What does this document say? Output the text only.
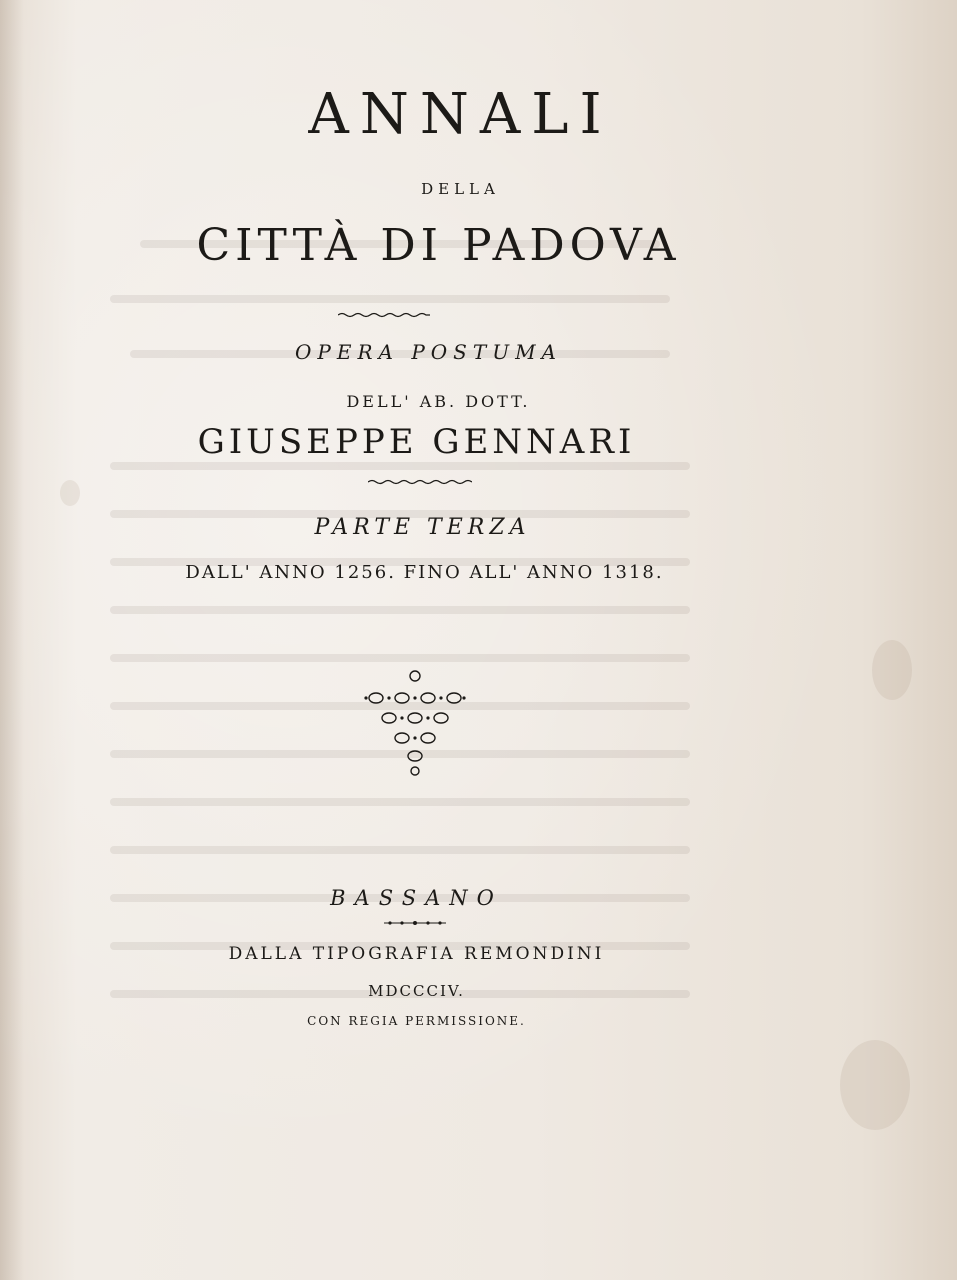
ANNALI
DELLA
CITTÀ DI PADOVA
OPERA POSTUMA
DELL' AB. DOTT.
GIUSEPPE GENNARI
PARTE TERZA
DALL' ANNO 1256. FINO ALL' ANNO 1318.
BASSANO
DALLA TIPOGRAFIA REMONDINI
MDCCCIV.
CON REGIA PERMISSIONE.
